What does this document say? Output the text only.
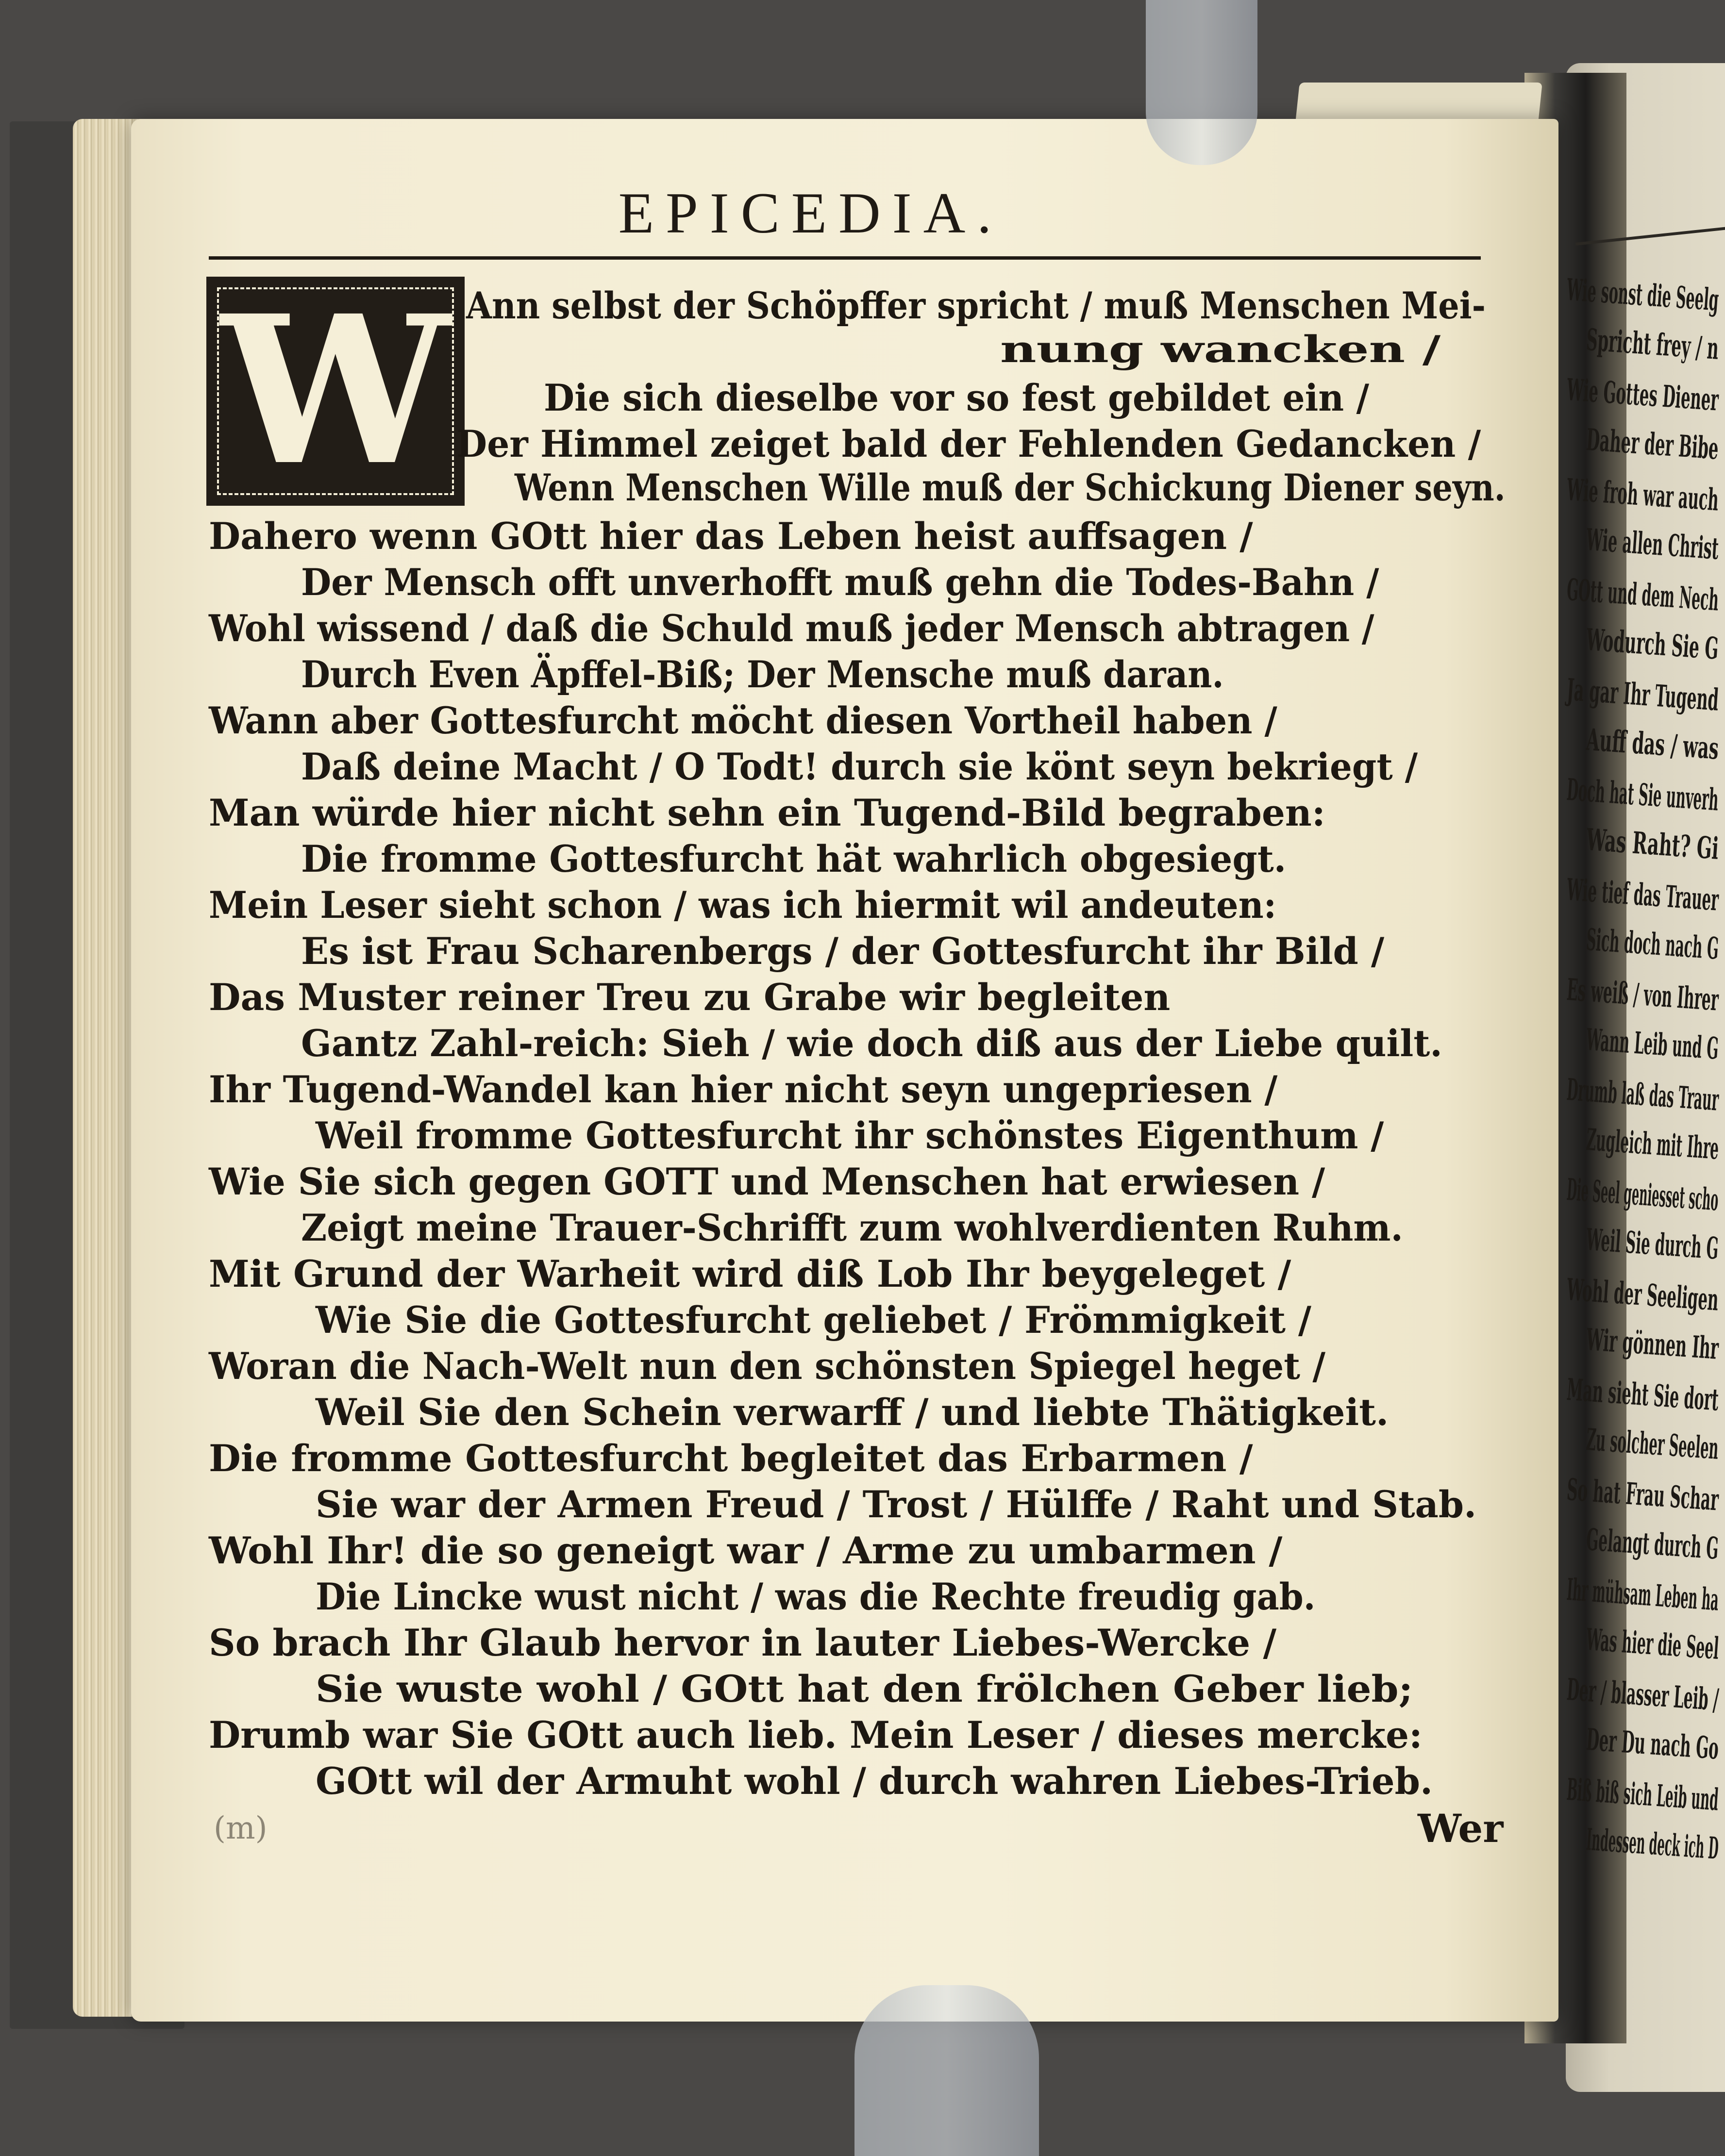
EPICEDIA.
W Ann selbst der Schöpffer spricht / muß Menschen Mei-
nung wancken /
Die sich dieselbe vor so fest gebildet ein /
Der Himmel zeiget bald der Fehlenden Gedancken /
Wenn Menschen Wille muß der Schickung Diener seyn.
Dahero wenn GOtt hier das Leben heist auffsagen /
Der Mensch offt unverhofft muß gehn die Todes-Bahn /
Wohl wissend / daß die Schuld muß jeder Mensch abtragen /
Durch Even Äpffel-Biß; Der Mensche muß daran.
Wann aber Gottesfurcht möcht diesen Vortheil haben /
Daß deine Macht / O Todt! durch sie könt seyn bekriegt /
Man würde hier nicht sehn ein Tugend-Bild begraben:
Die fromme Gottesfurcht hät wahrlich obgesiegt.
Mein Leser sieht schon / was ich hiermit wil andeuten:
Es ist Frau Scharenbergs / der Gottesfurcht ihr Bild /
Das Muster reiner Treu zu Grabe wir begleiten
Gantz Zahl-reich: Sieh / wie doch diß aus der Liebe quilt.
Ihr Tugend-Wandel kan hier nicht seyn ungepriesen /
Weil fromme Gottesfurcht ihr schönstes Eigenthum /
Wie Sie sich gegen GOTT und Menschen hat erwiesen /
Zeigt meine Trauer-Schrifft zum wohlverdienten Ruhm.
Mit Grund der Warheit wird diß Lob Ihr beygeleget /
Wie Sie die Gottesfurcht geliebet / Frömmigkeit /
Woran die Nach-Welt nun den schönsten Spiegel heget /
Weil Sie den Schein verwarff / und liebte Thätigkeit.
Die fromme Gottesfurcht begleitet das Erbarmen /
Sie war der Armen Freud / Trost / Hülffe / Raht und Stab.
Wohl Ihr! die so geneigt war / Arme zu umbarmen /
Die Lincke wust nicht / was die Rechte freudig gab.
So brach Ihr Glaub hervor in lauter Liebes-Wercke /
Sie wuste wohl / GOtt hat den frölchen Geber lieb;
Drumb war Sie GOtt auch lieb. Mein Leser / dieses mercke:
GOtt wil der Armuht wohl / durch wahren Liebes-Trieb.
(m)	Wer
Wie sonst die Seelg
Spricht frey / n
Wie Gottes Diener
Daher der Bibe
Wie froh war auch
Wie allen Christ
GOtt und dem Nech
Wodurch Sie G
Ja gar Ihr Tugend
Auff das / was
Doch hat Sie unverh
Was Raht? Gi
Wie tief das Trauer
Sich doch nach G
Es weiß / von Ihrer
Wann Leib und G
Drumb laß das Traur
Zugleich mit Ihre
Die Seel geniesset scho
Weil Sie durch G
Wohl der Seeligen
Wir gönnen Ihr
Man sieht Sie dort
Zu solcher Seelen
So hat Frau Schar
Gelangt durch G
Ihr mühsam Leben ha
Was hier die Seel
Der / blasser Leib /
Der Du nach Go
Biß biß sich Leib und
Indessen deck ich D
